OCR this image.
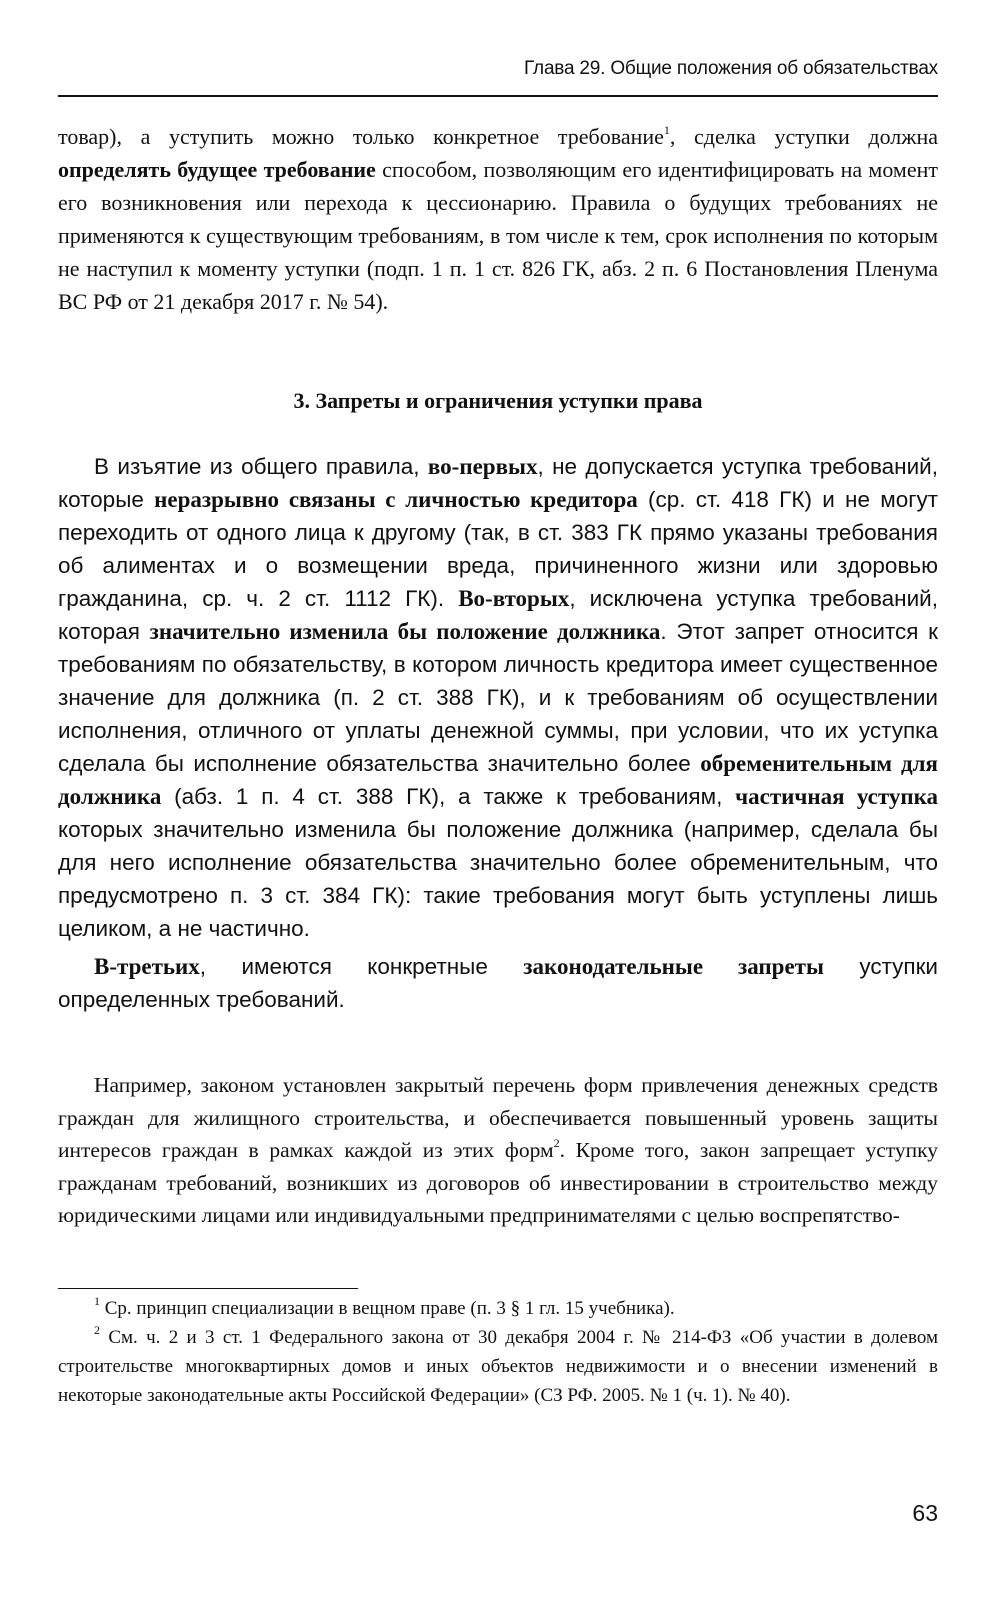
Глава 29. Общие положения об обязательствах

товар), а уступить можно только конкретное требование$^1$, сделка уступки должна определять будущее требование способом, позволяющим его идентифицировать на момент его возникновения или перехода к цессионарию. Правила о будущих требованиях не применяются к существующим требованиям, в том числе к тем, срок исполнения по которым не наступил к моменту уступки (подп. 1 п. 1 ст. 826 ГК, абз. 2 п. 6 Постановления Пленума ВС РФ от 21 декабря 2017 г. № 54).

3. Запреты и ограничения уступки права

В изъятие из общего правила, во-первых, не допускается уступка требований, которые неразрывно связаны с личностью кредитора (ср. ст. 418 ГК) и не могут переходить от одного лица к другому (так, в ст. 383 ГК прямо указаны требования об алиментах и о возмещении вреда, причиненного жизни или здоровью гражданина, ср. ч. 2 ст. 1112 ГК). Во-вторых, исключена уступка требований, которая значительно изменила бы положение должника. Этот запрет относится к требованиям по обязательству, в котором личность кредитора имеет существенное значение для должника (п. 2 ст. 388 ГК), и к требованиям об осуществлении исполнения, отличного от уплаты денежной суммы, при условии, что их уступка сделала бы исполнение обязательства значительно более обременительным для должника (абз. 1 п. 4 ст. 388 ГК), а также к требованиям, частичная уступка которых значительно изменила бы положение должника (например, сделала бы для него исполнение обязательства значительно более обременительным, что предусмотрено п. 3 ст. 384 ГК): такие требования могут быть уступлены лишь целиком, а не частично.

В-третьих, имеются конкретные законодательные запреты уступки определенных требований.

Например, законом установлен закрытый перечень форм привлечения денежных средств граждан для жилищного строительства, и обеспечивается повышенный уровень защиты интересов граждан в рамках каждой из этих форм$^2$. Кроме того, закон запрещает уступку гражданам требований, возникших из договоров об инвестировании в строительство между юридическими лицами или индивидуальными предпринимателями с целью воспрепятство-

$^1$ Ср. принцип специализации в вещном праве (п. 3 § 1 гл. 15 учебника).

$^2$ См. ч. 2 и 3 ст. 1 Федерального закона от 30 декабря 2004 г. № 214-ФЗ «Об участии в долевом строительстве многоквартирных домов и иных объектов недвижимости и о внесении изменений в некоторые законодательные акты Российской Федерации» (СЗ РФ. 2005. № 1 (ч. 1). № 40).

63
